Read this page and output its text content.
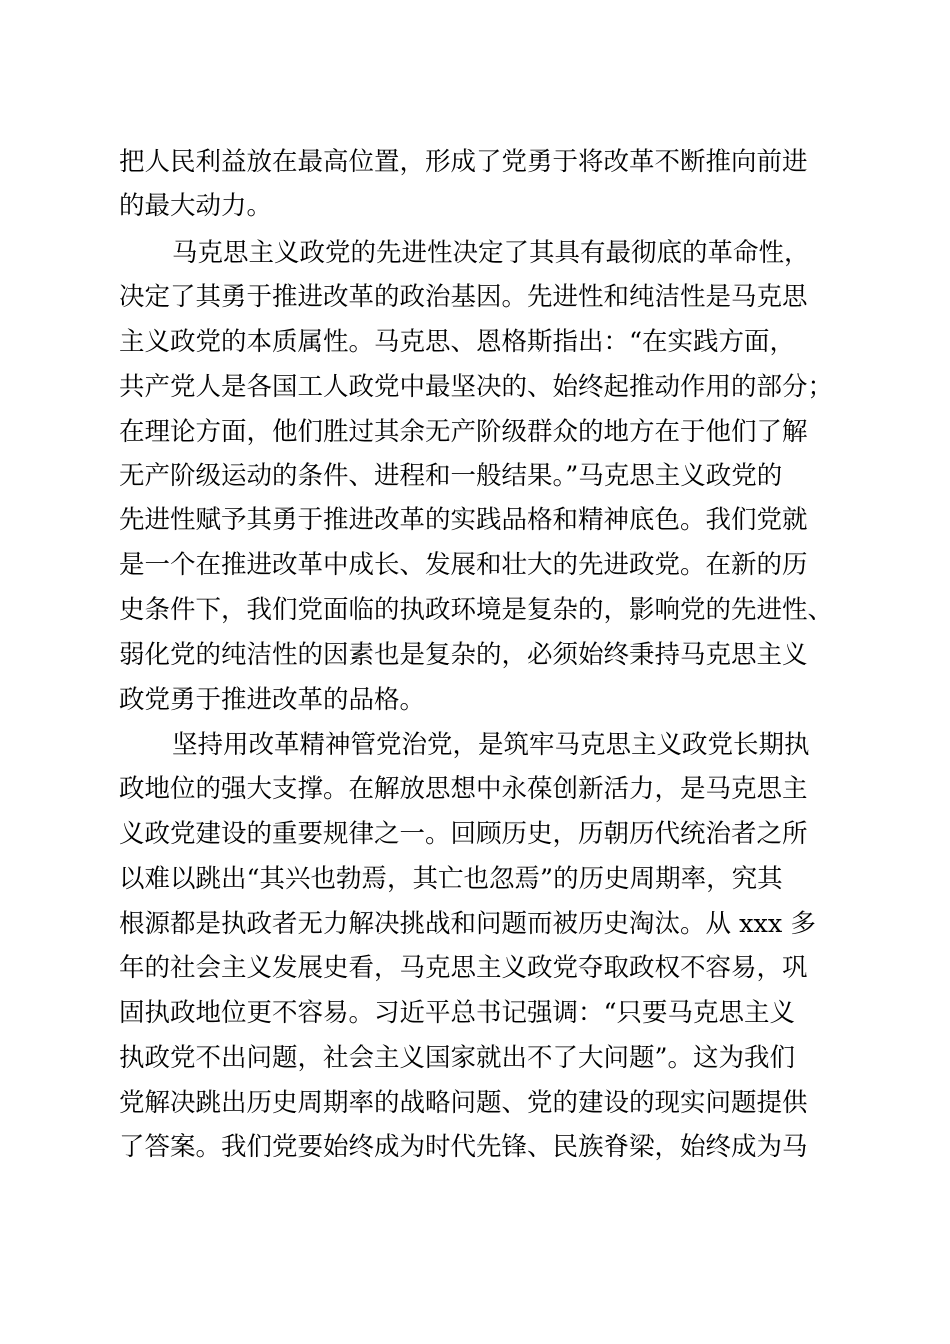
把人民利益放在最高位置，形成了党勇于将改革不断推向前进
的最大动力。
马克思主义政党的先进性决定了其具有最彻底的革命性，
决定了其勇于推进改革的政治基因。先进性和纯洁性是马克思
主义政党的本质属性。马克思、恩格斯指出：“在实践方面，
共产党人是各国工人政党中最坚决的、始终起推动作用的部分；
在理论方面，他们胜过其余无产阶级群众的地方在于他们了解
无产阶级运动的条件、进程和一般结果。”马克思主义政党的
先进性赋予其勇于推进改革的实践品格和精神底色。我们党就
是一个在推进改革中成长、发展和壮大的先进政党。在新的历
史条件下，我们党面临的执政环境是复杂的，影响党的先进性、
弱化党的纯洁性的因素也是复杂的，必须始终秉持马克思主义
政党勇于推进改革的品格。
坚持用改革精神管党治党，是筑牢马克思主义政党长期执
政地位的强大支撑。在解放思想中永葆创新活力，是马克思主
义政党建设的重要规律之一。回顾历史，历朝历代统治者之所
以难以跳出“其兴也勃焉，其亡也忽焉”的历史周期率，究其
根源都是执政者无力解决挑战和问题而被历史淘汰。从 xxx 多
年的社会主义发展史看，马克思主义政党夺取政权不容易，巩
固执政地位更不容易。习近平总书记强调：“只要马克思主义
执政党不出问题，社会主义国家就出不了大问题”。这为我们
党解决跳出历史周期率的战略问题、党的建设的现实问题提供
了答案。我们党要始终成为时代先锋、民族脊梁，始终成为马
